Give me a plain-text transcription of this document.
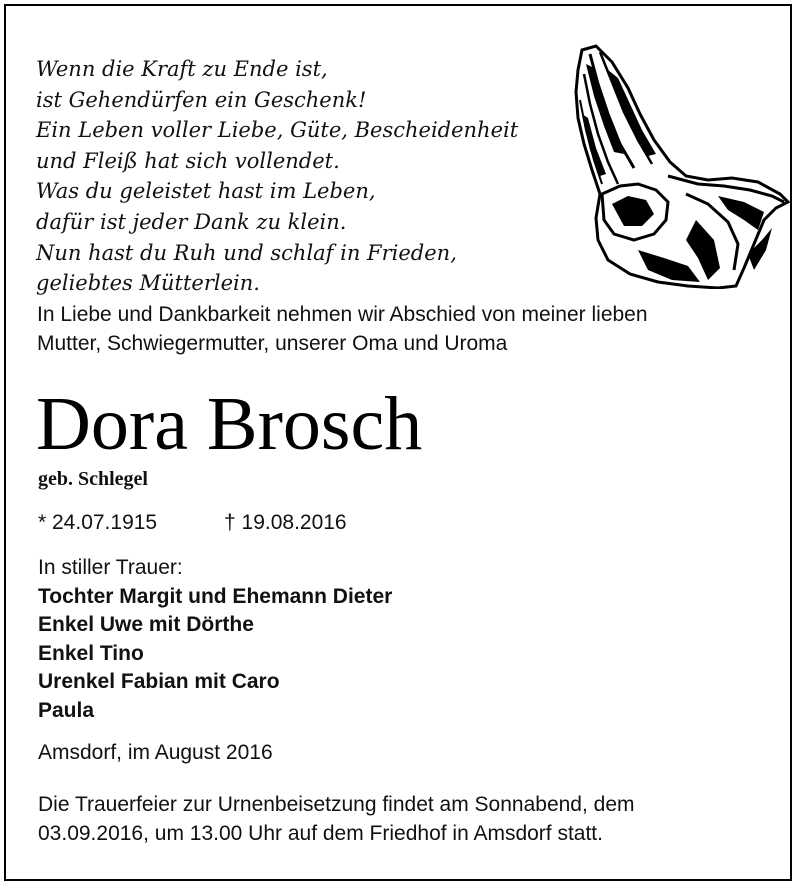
Wenn die Kraft zu Ende ist,
ist Gehendürfen ein Geschenk!
Ein Leben voller Liebe, Güte, Bescheidenheit
und Fleiß hat sich vollendet.
Was du geleistet hast im Leben,
dafür ist jeder Dank zu klein.
Nun hast du Ruh und schlaf in Frieden,
geliebtes Mütterlein.
In Liebe und Dankbarkeit nehmen wir Abschied von meiner lieben
Mutter, Schwiegermutter, unserer Oma und Uroma
Dora Brosch
geb. Schlegel
* 24.07.1915	† 19.08.2016
In stiller Trauer:
Tochter Margit und Ehemann Dieter
Enkel Uwe mit Dörthe
Enkel Tino
Urenkel Fabian mit Caro
Paula
Amsdorf, im August 2016
Die Trauerfeier zur Urnenbeisetzung findet am Sonnabend, dem
03.09.2016, um 13.00 Uhr auf dem Friedhof in Amsdorf statt.
